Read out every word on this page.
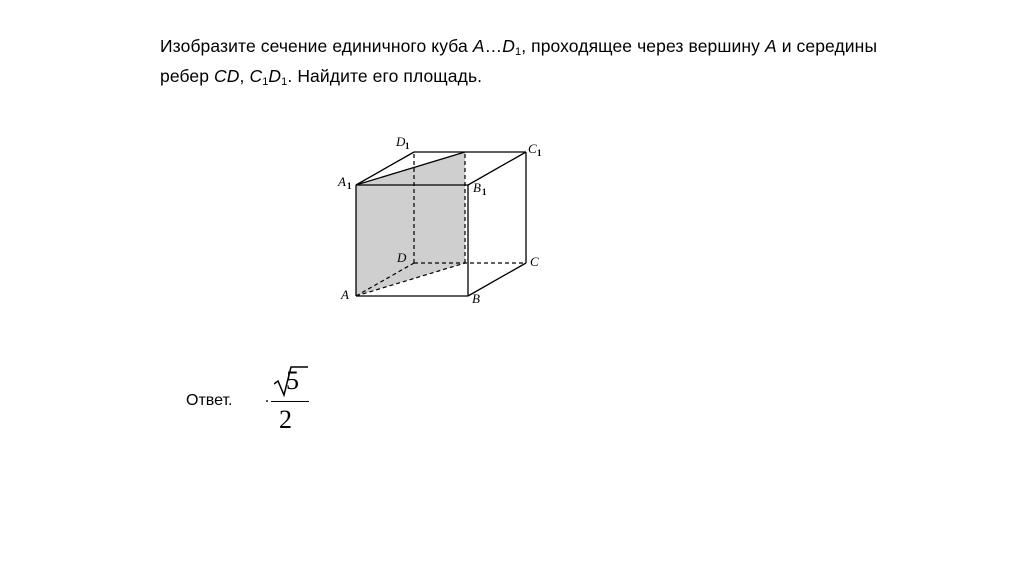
Изобразите сечение единичного куба $A\dots D_1$, проходящее через вершину A и середины
ребер CD, $C_1D_1$. Найдите его площадь.
A	B
C
D
A 1	B 1
C 1
D 1
Ответ.
5
2
